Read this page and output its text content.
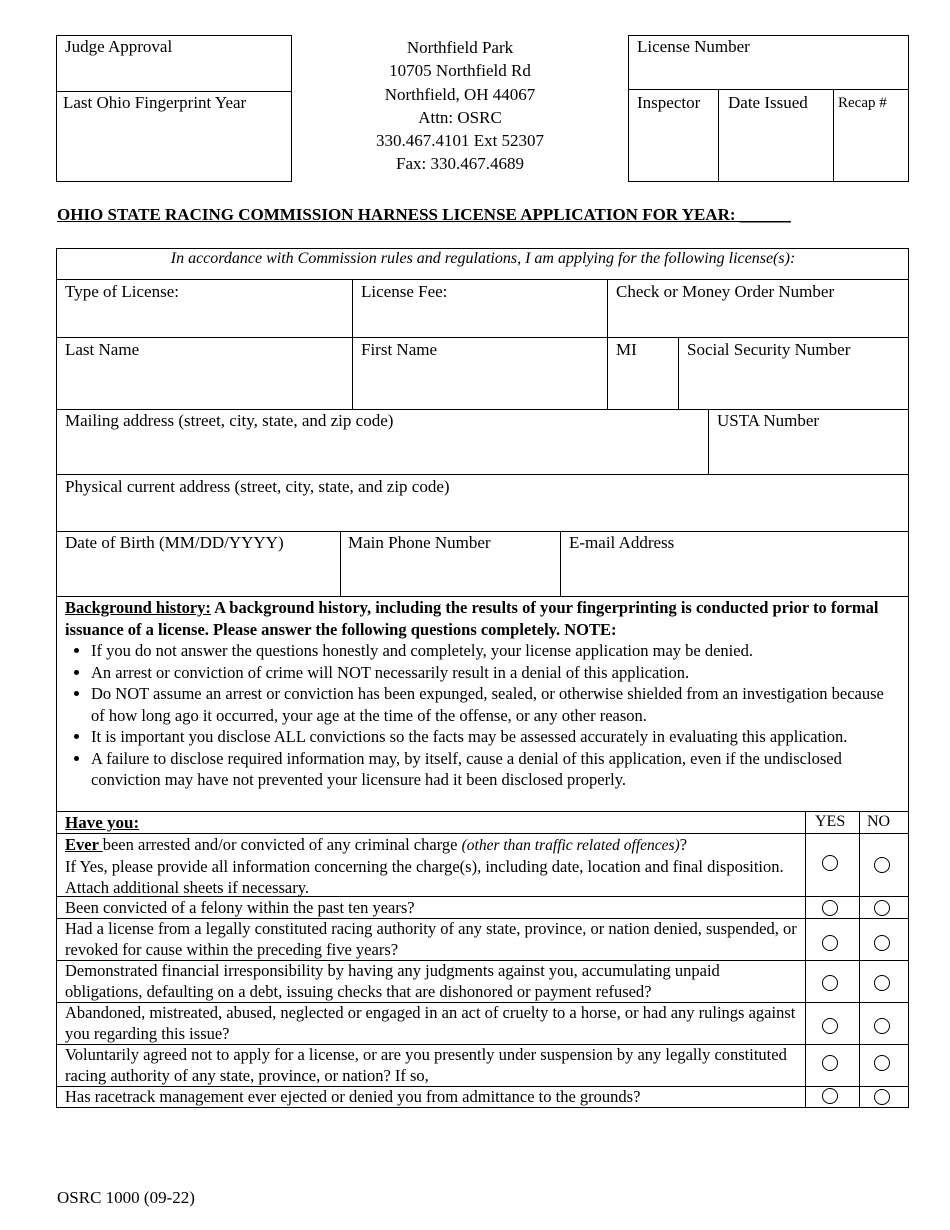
Judge Approval
Last Ohio Fingerprint Year
Northfield Park
10705 Northfield Rd
Northfield, OH 44067
Attn: OSRC
330.467.4101 Ext 52307
Fax: 330.467.4689
License Number
Inspector Date Issued Recap #
OHIO STATE RACING COMMISSION HARNESS LICENSE APPLICATION FOR YEAR: ______
In accordance with Commission rules and regulations, I am applying for the following license(s):
Type of License:	License Fee:	Check or Money Order Number
Last Name	First Name	MI	Social Security Number
Mailing address (street, city, state, and zip code)	USTA Number
Physical current address (street, city, state, and zip code)
Date of Birth (MM/DD/YYYY)	Main Phone Number	E-mail Address
Background history: A background history, including the results of your fingerprinting is conducted prior to formal issuance of a license. Please answer the following questions completely. NOTE:
• If you do not answer the questions honestly and completely, your license application may be denied.
• An arrest or conviction of crime will NOT necessarily result in a denial of this application.
• Do NOT assume an arrest or conviction has been expunged, sealed, or otherwise shielded from an investigation because of how long ago it occurred, your age at the time of the offense, or any other reason.
• It is important you disclose ALL convictions so the facts may be assessed accurately in evaluating this application.
• A failure to disclose required information may, by itself, cause a denial of this application, even if the undisclosed conviction may have not prevented your licensure had it been disclosed properly.
Have you:	YES NO
Ever been arrested and/or convicted of any criminal charge (other than traffic related offences)?
If Yes, please provide all information concerning the charge(s), including date, location and final disposition. Attach additional sheets if necessary.
Been convicted of a felony within the past ten years?
Had a license from a legally constituted racing authority of any state, province, or nation denied, suspended, or revoked for cause within the preceding five years?
Demonstrated financial irresponsibility by having any judgments against you, accumulating unpaid obligations, defaulting on a debt, issuing checks that are dishonored or payment refused?
Abandoned, mistreated, abused, neglected or engaged in an act of cruelty to a horse, or had any rulings against you regarding this issue?
Voluntarily agreed not to apply for a license, or are you presently under suspension by any legally constituted racing authority of any state, province, or nation? If so,
Has racetrack management ever ejected or denied you from admittance to the grounds?
OSRC 1000 (09-22)
